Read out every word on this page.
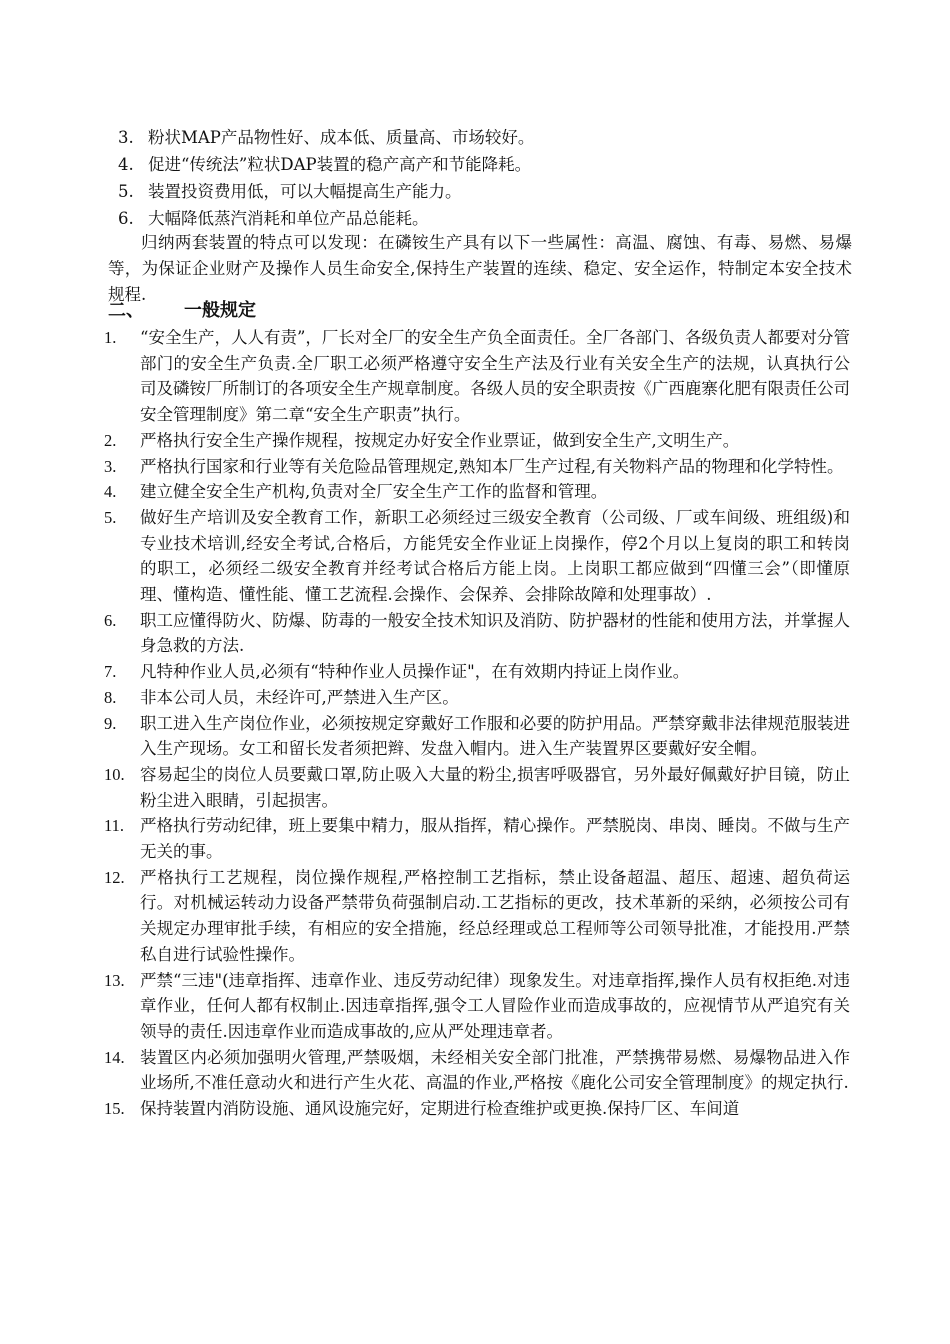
3. 粉状MAP产品物性好、成本低、质量高、市场较好。
4. 促进“传统法”粒状DAP装置的稳产高产和节能降耗。
5. 装置投资费用低，可以大幅提高生产能力。
6. 大幅降低蒸汽消耗和单位产品总能耗。

归纳两套装置的特点可以发现：在磷铵生产具有以下一些属性：高温、腐蚀、有毒、易燃、易爆等，为保证企业财产及操作人员生命安全,保持生产装置的连续、稳定、安全运作，特制定本安全技术规程.

二、 一般规定
1.	“安全生产，人人有责”，厂长对全厂的安全生产负全面责任。全厂各部门、各级负责人都要对分管部门的安全生产负责.全厂职工必须严格遵守安全生产法及行业有关安全生产的法规，认真执行公司及磷铵厂所制订的各项安全生产规章制度。各级人员的安全职责按《广西鹿寨化肥有限责任公司安全管理制度》第二章“安全生产职责”执行。
2.	严格执行安全生产操作规程，按规定办好安全作业票证，做到安全生产,文明生产。
3.	严格执行国家和行业等有关危险品管理规定,熟知本厂生产过程,有关物料产品的物理和化学特性。
4.	建立健全安全生产机构,负责对全厂安全生产工作的监督和管理。
5.	做好生产培训及安全教育工作，新职工必须经过三级安全教育（公司级、厂或车间级、班组级)和专业技术培训,经安全考试,合格后，方能凭安全作业证上岗操作，停2个月以上复岗的职工和转岗的职工，必须经二级安全教育并经考试合格后方能上岗。上岗职工都应做到“四懂三会”（即懂原理、懂构造、懂性能、懂工艺流程.会操作、会保养、会排除故障和处理事故）.
6.	职工应懂得防火、防爆、防毒的一般安全技术知识及消防、防护器材的性能和使用方法，并掌握人身急救的方法.
7.	凡特种作业人员,必须有“特种作业人员操作证"，在有效期内持证上岗作业。
8.	非本公司人员，未经许可,严禁进入生产区。
9.	职工进入生产岗位作业，必须按规定穿戴好工作服和必要的防护用品。严禁穿戴非法律规范服装进入生产现场。女工和留长发者须把辫、发盘入帽内。进入生产装置界区要戴好安全帽。
10. 容易起尘的岗位人员要戴口罩,防止吸入大量的粉尘,损害呼吸器官，另外最好佩戴好护目镜，防止粉尘进入眼睛，引起损害。
11. 严格执行劳动纪律，班上要集中精力，服从指挥，精心操作。严禁脱岗、串岗、睡岗。不做与生产无关的事。
12. 严格执行工艺规程，岗位操作规程,严格控制工艺指标，禁止设备超温、超压、超速、超负荷运行。对机械运转动力设备严禁带负荷强制启动.工艺指标的更改，技术革新的采纳，必须按公司有关规定办理审批手续，有相应的安全措施，经总经理或总工程师等公司领导批准，才能投用.严禁私自进行试验性操作。
13. 严禁“三违"(违章指挥、违章作业、违反劳动纪律）现象发生。对违章指挥,操作人员有权拒绝.对违章作业，任何人都有权制止.因违章指挥,强令工人冒险作业而造成事故的，应视情节从严追究有关领导的责任.因违章作业而造成事故的,应从严处理违章者。
14. 装置区内必须加强明火管理,严禁吸烟，未经相关安全部门批准，严禁携带易燃、易爆物品进入作业场所,不准任意动火和进行产生火花、高温的作业,严格按《鹿化公司安全管理制度》的规定执行.
15. 保持装置内消防设施、通风设施完好，定期进行检查维护或更换.保持厂区、车间道
